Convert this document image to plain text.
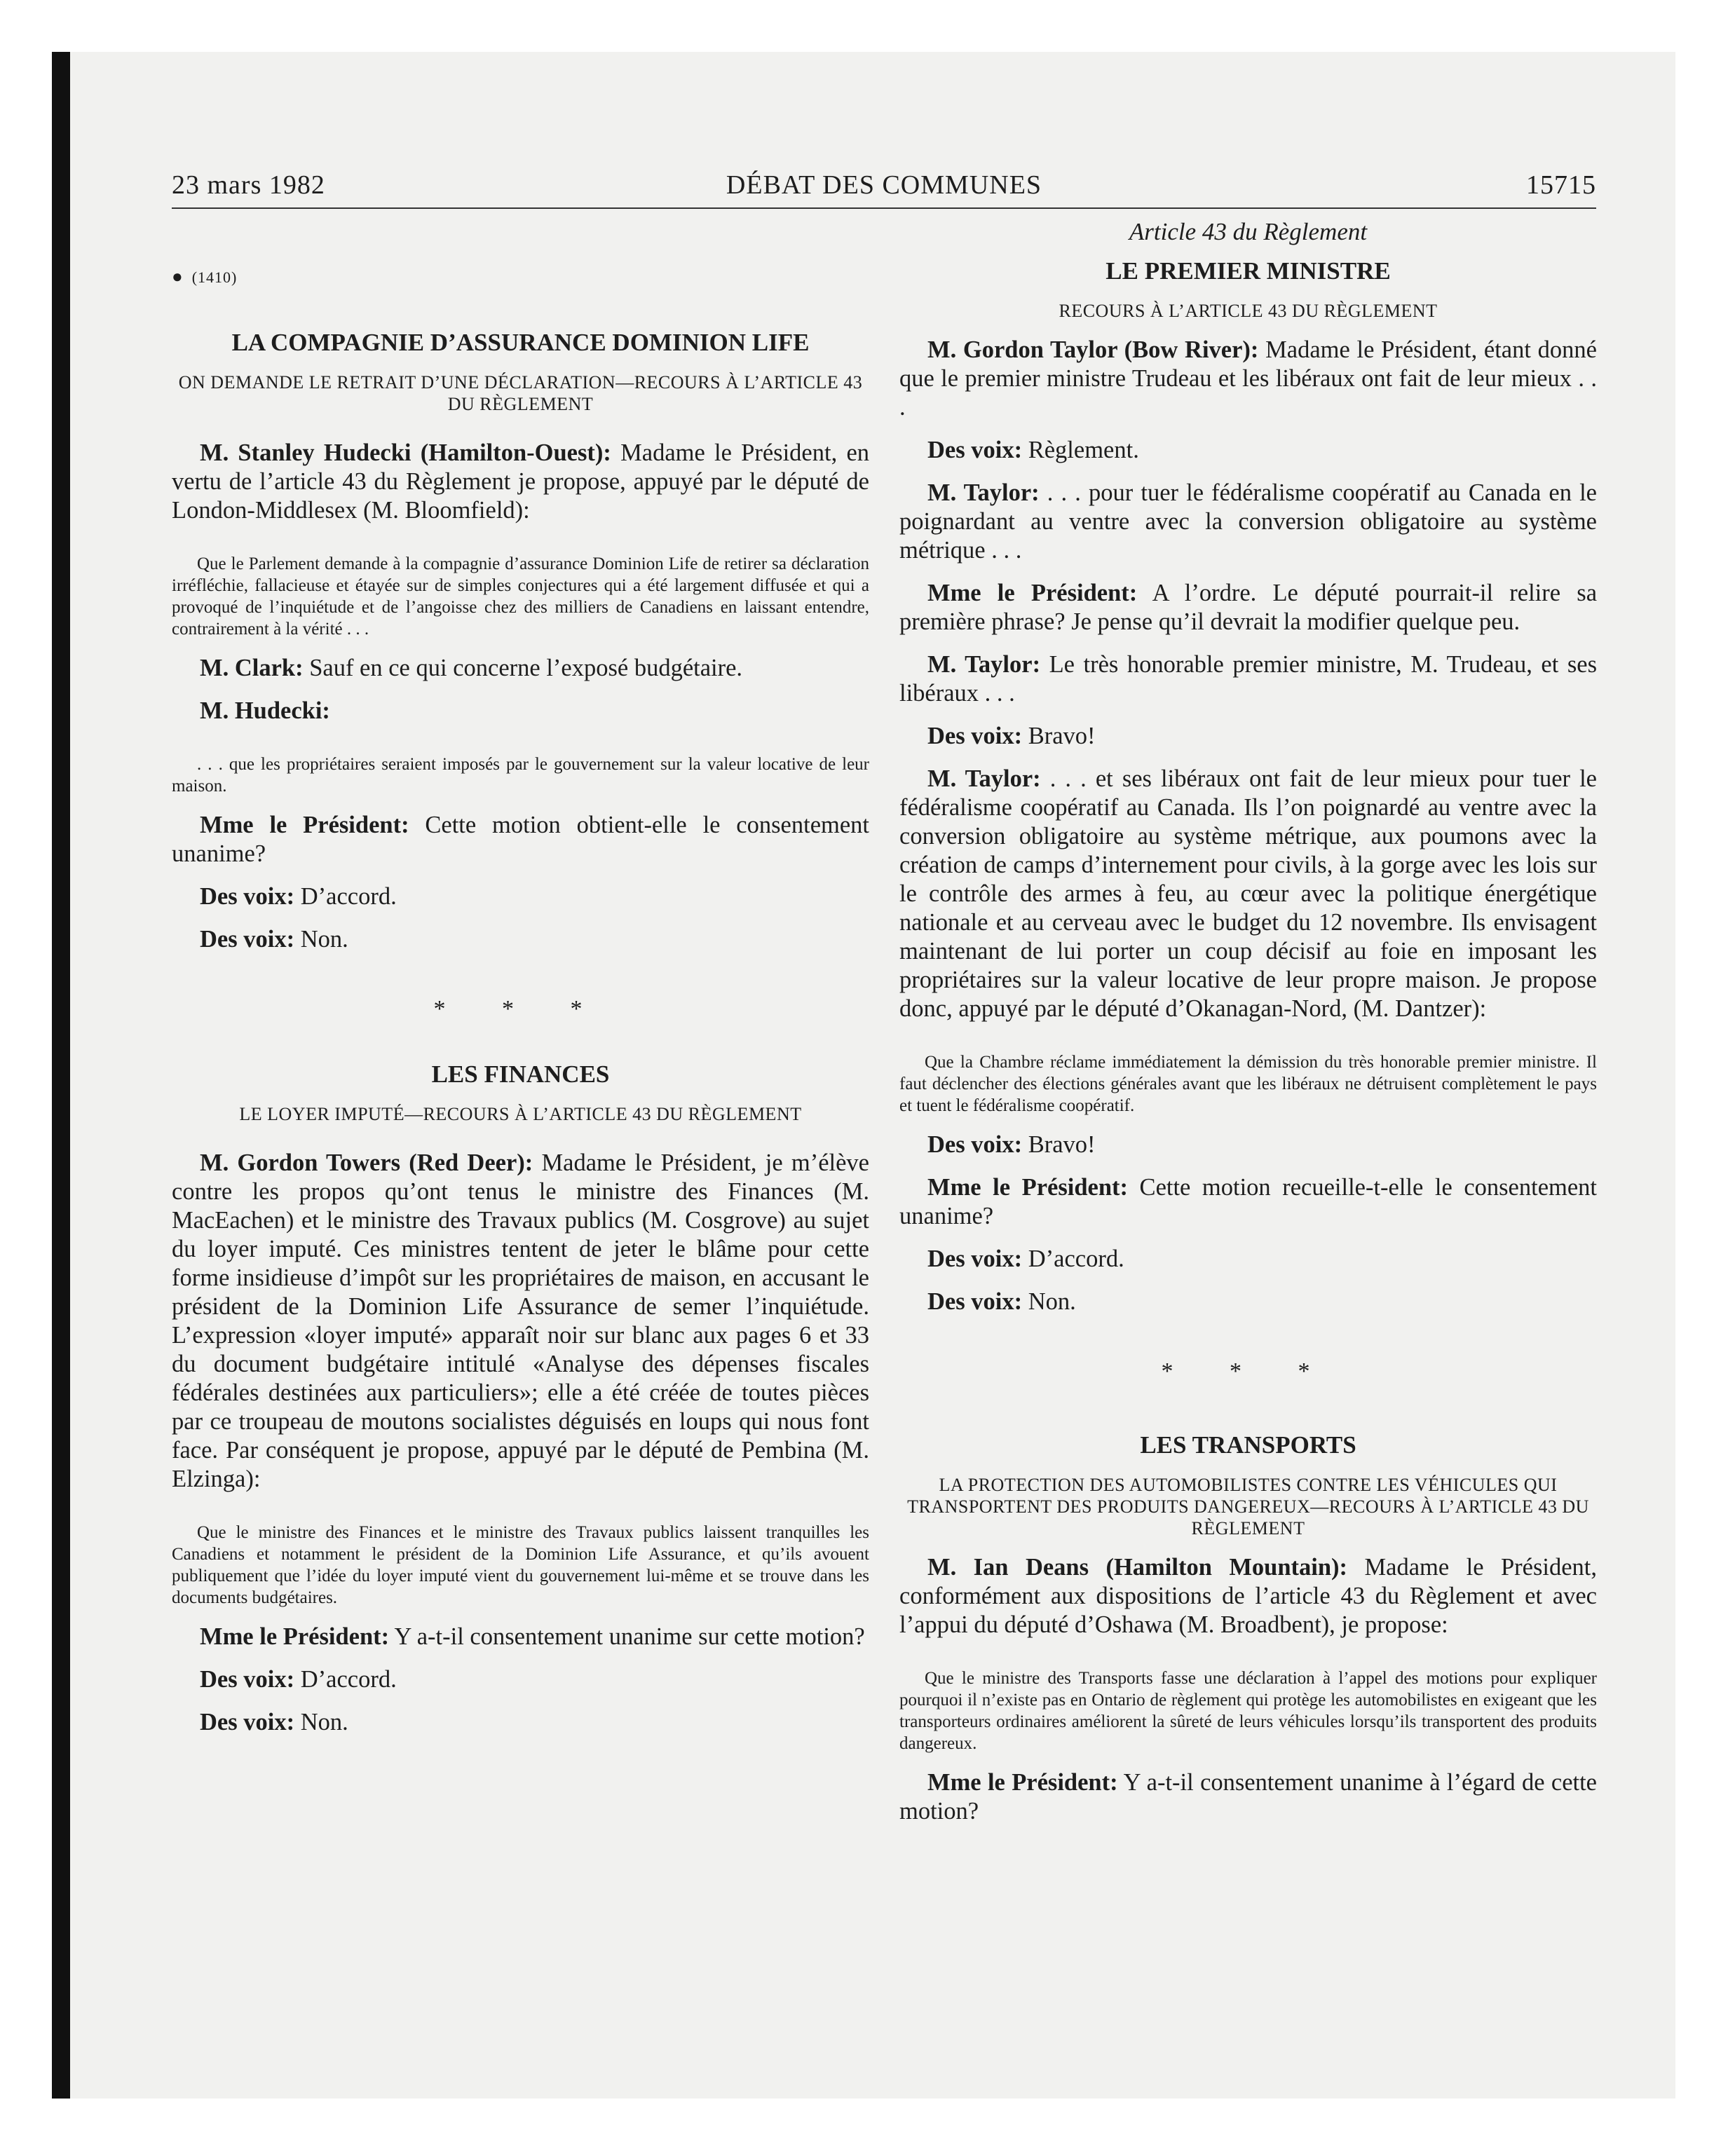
23 mars 1982	DÉBAT DES COMMUNES	15715

● (1410)

LA COMPAGNIE D’ASSURANCE DOMINION LIFE

ON DEMANDE LE RETRAIT D’UNE DÉCLARATION—RECOURS À L’ARTICLE 43 DU RÈGLEMENT

M. Stanley Hudecki (Hamilton-Ouest): Madame le Président, en vertu de l’article 43 du Règlement je propose, appuyé par le député de London-Middlesex (M. Bloomfield):

Que le Parlement demande à la compagnie d’assurance Dominion Life de retirer sa déclaration irréfléchie, fallacieuse et étayée sur de simples conjectures qui a été largement diffusée et qui a provoqué de l’inquiétude et de l’angoisse chez des milliers de Canadiens en laissant entendre, contrairement à la vérité . . .

M. Clark: Sauf en ce qui concerne l’exposé budgétaire.

M. Hudecki:

. . . que les propriétaires seraient imposés par le gouvernement sur la valeur locative de leur maison.

Mme le Président: Cette motion obtient-elle le consentement unanime?

Des voix: D’accord.

Des voix: Non.

* * *

LES FINANCES

LE LOYER IMPUTÉ—RECOURS À L’ARTICLE 43 DU RÈGLEMENT

M. Gordon Towers (Red Deer): Madame le Président, je m’élève contre les propos qu’ont tenus le ministre des Finances (M. MacEachen) et le ministre des Travaux publics (M. Cosgrove) au sujet du loyer imputé. Ces ministres tentent de jeter le blâme pour cette forme insidieuse d’impôt sur les propriétaires de maison, en accusant le président de la Dominion Life Assurance de semer l’inquiétude. L’expression «loyer imputé» apparaît noir sur blanc aux pages 6 et 33 du document budgétaire intitulé «Analyse des dépenses fiscales fédérales destinées aux particuliers»; elle a été créée de toutes pièces par ce troupeau de moutons socialistes déguisés en loups qui nous font face. Par conséquent je propose, appuyé par le député de Pembina (M. Elzinga):

Que le ministre des Finances et le ministre des Travaux publics laissent tranquilles les Canadiens et notamment le président de la Dominion Life Assurance, et qu’ils avouent publiquement que l’idée du loyer imputé vient du gouvernement lui-même et se trouve dans les documents budgétaires.

Mme le Président: Y a-t-il consentement unanime sur cette motion?

Des voix: D’accord.

Des voix: Non.

Article 43 du Règlement

LE PREMIER MINISTRE

RECOURS À L’ARTICLE 43 DU RÈGLEMENT

M. Gordon Taylor (Bow River): Madame le Président, étant donné que le premier ministre Trudeau et les libéraux ont fait de leur mieux . . .

Des voix: Règlement.

M. Taylor: . . . pour tuer le fédéralisme coopératif au Canada en le poignardant au ventre avec la conversion obligatoire au système métrique . . .

Mme le Président: A l’ordre. Le député pourrait-il relire sa première phrase? Je pense qu’il devrait la modifier quelque peu.

M. Taylor: Le très honorable premier ministre, M. Trudeau, et ses libéraux . . .

Des voix: Bravo!

M. Taylor: . . . et ses libéraux ont fait de leur mieux pour tuer le fédéralisme coopératif au Canada. Ils l’on poignardé au ventre avec la conversion obligatoire au système métrique, aux poumons avec la création de camps d’internement pour civils, à la gorge avec les lois sur le contrôle des armes à feu, au cœur avec la politique énergétique nationale et au cerveau avec le budget du 12 novembre. Ils envisagent maintenant de lui porter un coup décisif au foie en imposant les propriétaires sur la valeur locative de leur propre maison. Je propose donc, appuyé par le député d’Okanagan-Nord, (M. Dantzer):

Que la Chambre réclame immédiatement la démission du très honorable premier ministre. Il faut déclencher des élections générales avant que les libéraux ne détruisent complètement le pays et tuent le fédéralisme coopératif.

Des voix: Bravo!

Mme le Président: Cette motion recueille-t-elle le consentement unanime?

Des voix: D’accord.

Des voix: Non.

* * *

LES TRANSPORTS

LA PROTECTION DES AUTOMOBILISTES CONTRE LES VÉHICULES QUI TRANSPORTENT DES PRODUITS DANGEREUX—RECOURS À L’ARTICLE 43 DU RÈGLEMENT

M. Ian Deans (Hamilton Mountain): Madame le Président, conformément aux dispositions de l’article 43 du Règlement et avec l’appui du député d’Oshawa (M. Broadbent), je propose:

Que le ministre des Transports fasse une déclaration à l’appel des motions pour expliquer pourquoi il n’existe pas en Ontario de règlement qui protège les automobilistes en exigeant que les transporteurs ordinaires améliorent la sûreté de leurs véhicules lorsqu’ils transportent des produits dangereux.

Mme le Président: Y a-t-il consentement unanime à l’égard de cette motion?
